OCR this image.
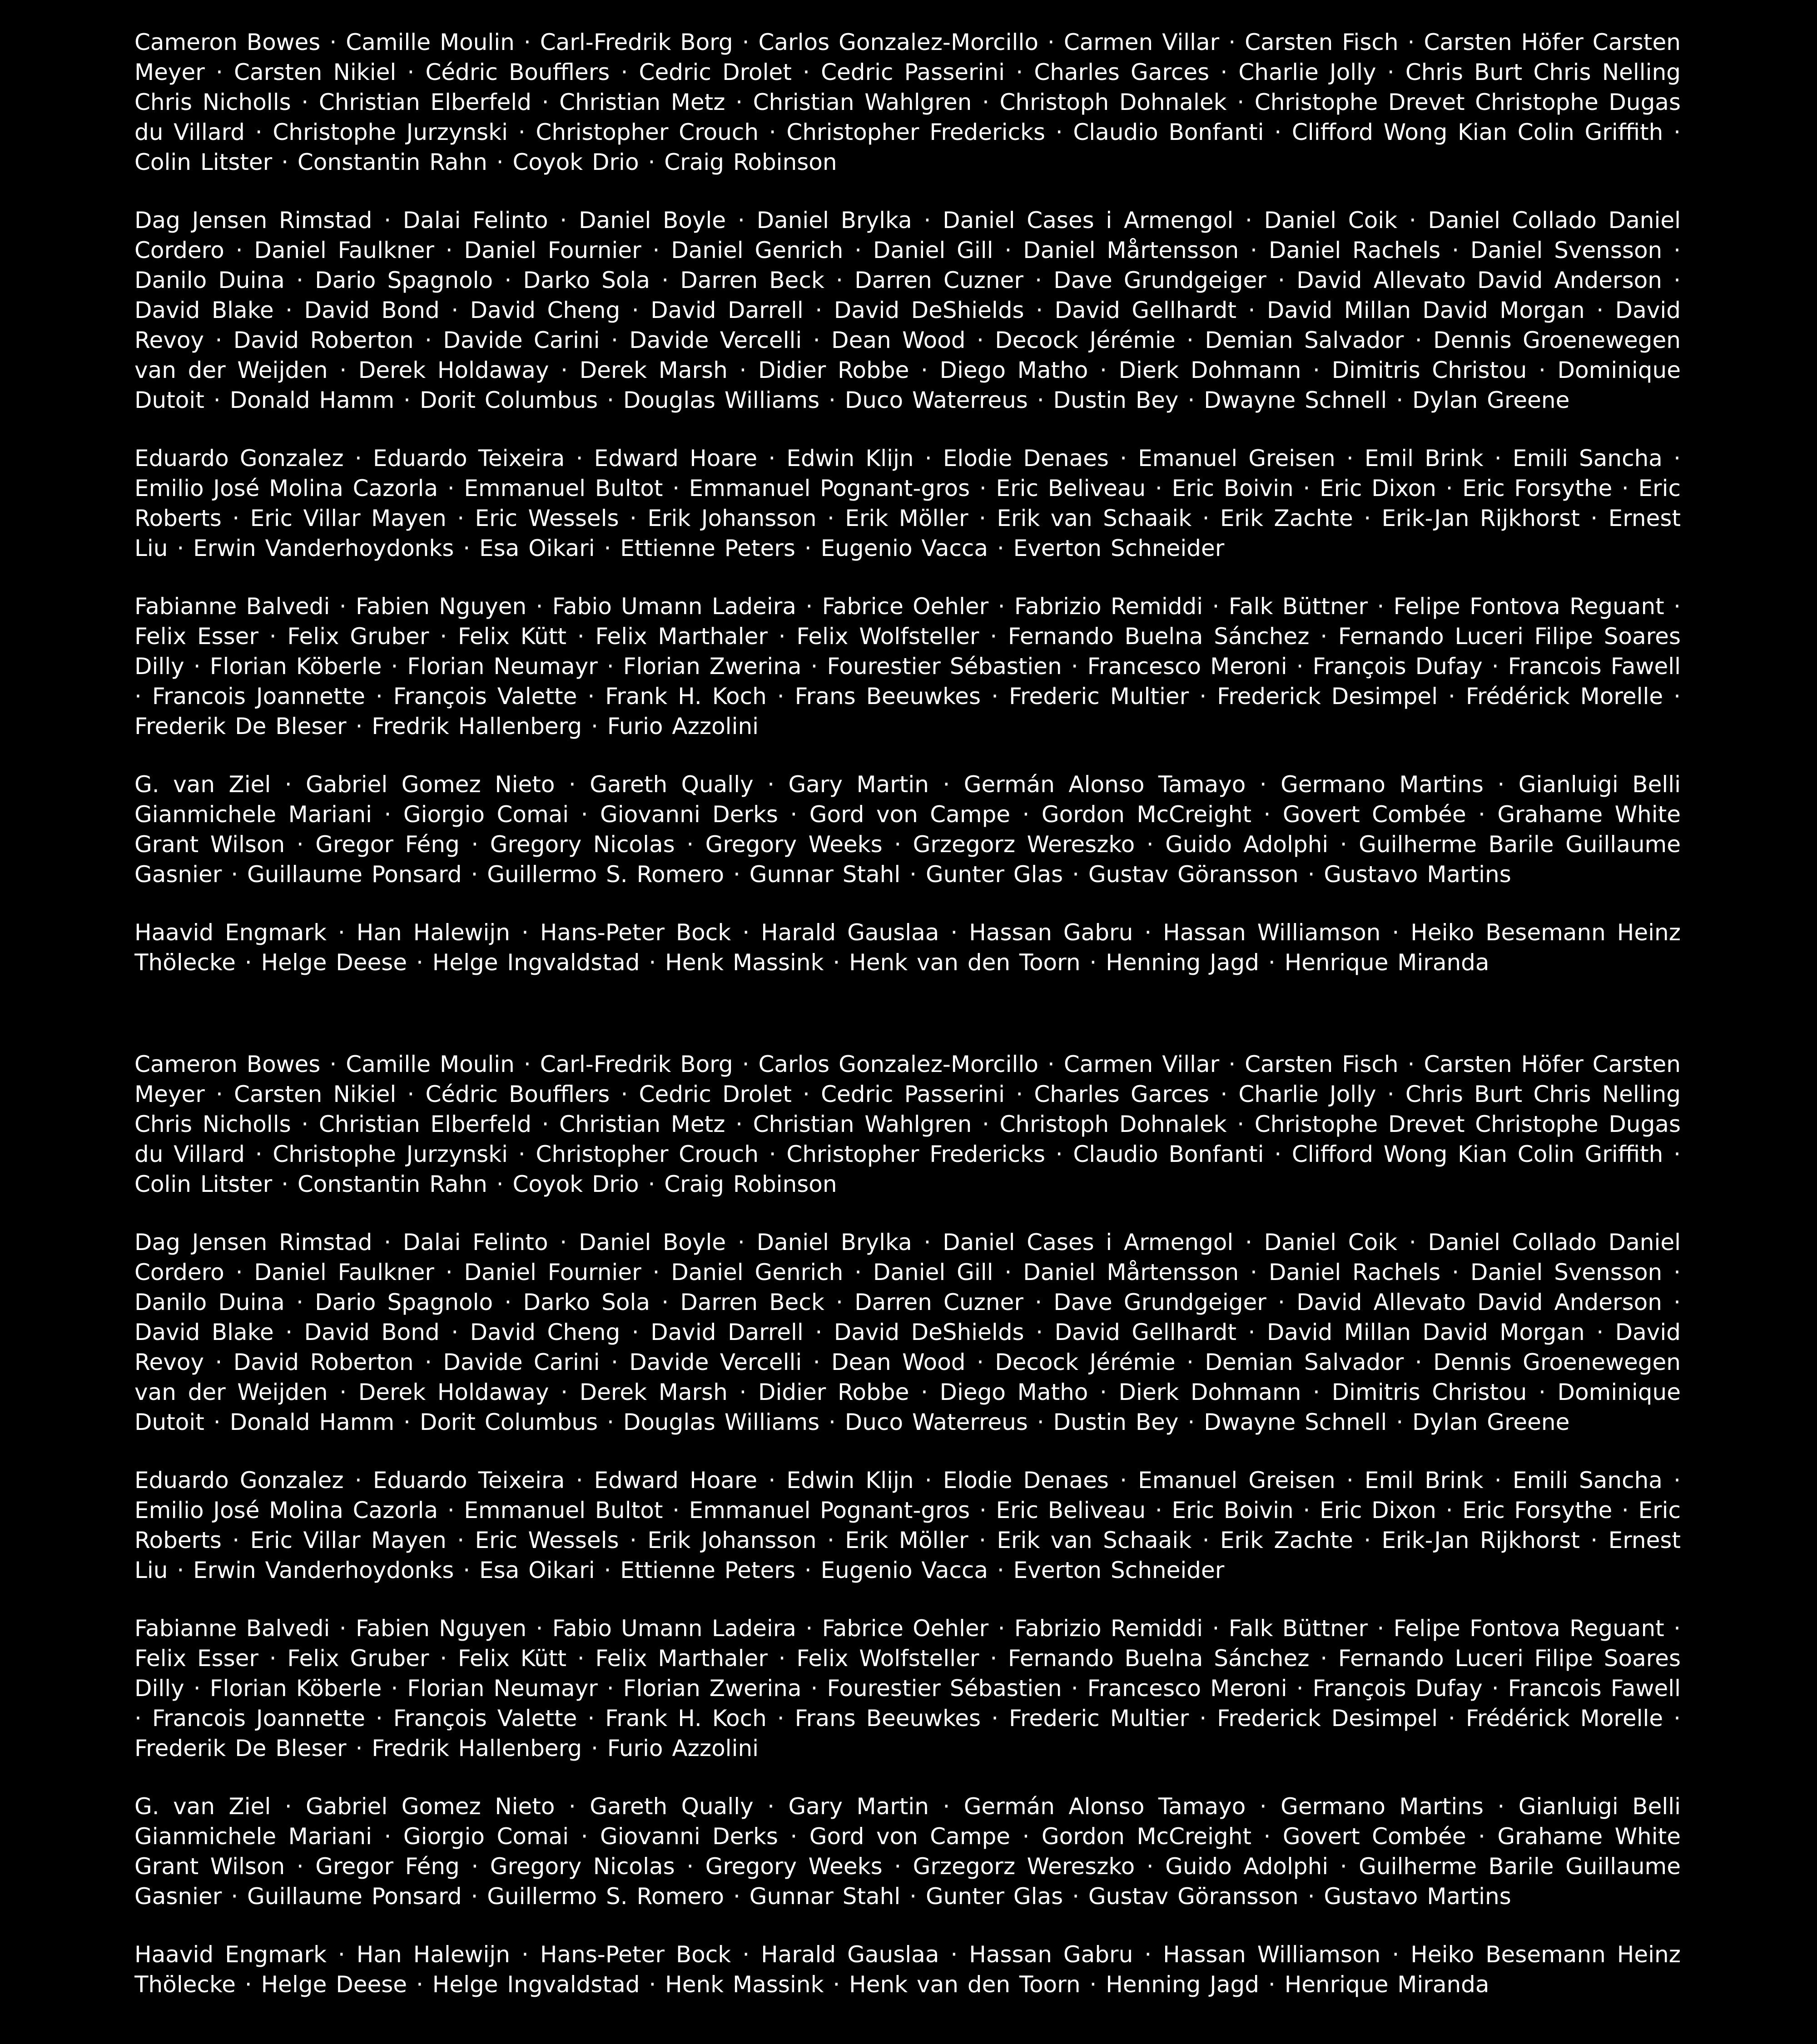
Cameron Bowes · Camille Moulin · Carl-Fredrik Borg · Carlos Gonzalez-Morcillo · Carmen Villar · Carsten Fisch · Carsten Höfer Carsten Meyer · Carsten Nikiel · Cédric Boufflers · Cedric Drolet · Cedric Passerini · Charles Garces · Charlie Jolly · Chris Burt Chris Nelling Chris Nicholls · Christian Elberfeld · Christian Metz · Christian Wahlgren · Christoph Dohnalek · Christophe Drevet Christophe Dugas du Villard · Christophe Jurzynski · Christopher Crouch · Christopher Fredericks · Claudio Bonfanti · Clifford Wong Kian Colin Griffith · Colin Litster · Constantin Rahn · Coyok Drio · Craig Robinson

Dag Jensen Rimstad · Dalai Felinto · Daniel Boyle · Daniel Brylka · Daniel Cases i Armengol · Daniel Coik · Daniel Collado Daniel Cordero · Daniel Faulkner · Daniel Fournier · Daniel Genrich · Daniel Gill · Daniel Mårtensson · Daniel Rachels · Daniel Svensson · Danilo Duina · Dario Spagnolo · Darko Sola · Darren Beck · Darren Cuzner · Dave Grundgeiger · David Allevato David Anderson · David Blake · David Bond · David Cheng · David Darrell · David DeShields · David Gellhardt · David Millan David Morgan · David Revoy · David Roberton · Davide Carini · Davide Vercelli · Dean Wood · Decock Jérémie · Demian Salvador · Dennis Groenewegen van der Weijden · Derek Holdaway · Derek Marsh · Didier Robbe · Diego Matho · Dierk Dohmann · Dimitris Christou · Dominique Dutoit · Donald Hamm · Dorit Columbus · Douglas Williams · Duco Waterreus · Dustin Bey · Dwayne Schnell · Dylan Greene

Eduardo Gonzalez · Eduardo Teixeira · Edward Hoare · Edwin Klijn · Elodie Denaes · Emanuel Greisen · Emil Brink · Emili Sancha · Emilio José Molina Cazorla · Emmanuel Bultot · Emmanuel Pognant-gros · Eric Beliveau · Eric Boivin · Eric Dixon · Eric Forsythe · Eric Roberts · Eric Villar Mayen · Eric Wessels · Erik Johansson · Erik Möller · Erik van Schaaik · Erik Zachte · Erik-Jan Rijkhorst · Ernest Liu · Erwin Vanderhoydonks · Esa Oikari · Ettienne Peters · Eugenio Vacca · Everton Schneider

Fabianne Balvedi · Fabien Nguyen · Fabio Umann Ladeira · Fabrice Oehler · Fabrizio Remiddi · Falk Büttner · Felipe Fontova Reguant · Felix Esser · Felix Gruber · Felix Kütt · Felix Marthaler · Felix Wolfsteller · Fernando Buelna Sánchez · Fernando Luceri Filipe Soares Dilly · Florian Köberle · Florian Neumayr · Florian Zwerina · Fourestier Sébastien · Francesco Meroni · François Dufay · Francois Fawell · Francois Joannette · François Valette · Frank H. Koch · Frans Beeuwkes · Frederic Multier · Frederick Desimpel · Frédérick Morelle · Frederik De Bleser · Fredrik Hallenberg · Furio Azzolini

G. van Ziel · Gabriel Gomez Nieto · Gareth Qually · Gary Martin · Germán Alonso Tamayo · Germano Martins · Gianluigi Belli Gianmichele Mariani · Giorgio Comai · Giovanni Derks · Gord von Campe · Gordon McCreight · Govert Combée · Grahame White Grant Wilson · Gregor Féng · Gregory Nicolas · Gregory Weeks · Grzegorz Wereszko · Guido Adolphi · Guilherme Barile Guillaume Gasnier · Guillaume Ponsard · Guillermo S. Romero · Gunnar Stahl · Gunter Glas · Gustav Göransson · Gustavo Martins

Haavid Engmark · Han Halewijn · Hans-Peter Bock · Harald Gauslaa · Hassan Gabru · Hassan Williamson · Heiko Besemann Heinz Thölecke · Helge Deese · Helge Ingvaldstad · Henk Massink · Henk van den Toorn · Henning Jagd · Henrique Miranda

Cameron Bowes · Camille Moulin · Carl-Fredrik Borg · Carlos Gonzalez-Morcillo · Carmen Villar · Carsten Fisch · Carsten Höfer Carsten Meyer · Carsten Nikiel · Cédric Boufflers · Cedric Drolet · Cedric Passerini · Charles Garces · Charlie Jolly · Chris Burt Chris Nelling Chris Nicholls · Christian Elberfeld · Christian Metz · Christian Wahlgren · Christoph Dohnalek · Christophe Drevet Christophe Dugas du Villard · Christophe Jurzynski · Christopher Crouch · Christopher Fredericks · Claudio Bonfanti · Clifford Wong Kian Colin Griffith · Colin Litster · Constantin Rahn · Coyok Drio · Craig Robinson

Dag Jensen Rimstad · Dalai Felinto · Daniel Boyle · Daniel Brylka · Daniel Cases i Armengol · Daniel Coik · Daniel Collado Daniel Cordero · Daniel Faulkner · Daniel Fournier · Daniel Genrich · Daniel Gill · Daniel Mårtensson · Daniel Rachels · Daniel Svensson · Danilo Duina · Dario Spagnolo · Darko Sola · Darren Beck · Darren Cuzner · Dave Grundgeiger · David Allevato David Anderson · David Blake · David Bond · David Cheng · David Darrell · David DeShields · David Gellhardt · David Millan David Morgan · David Revoy · David Roberton · Davide Carini · Davide Vercelli · Dean Wood · Decock Jérémie · Demian Salvador · Dennis Groenewegen van der Weijden · Derek Holdaway · Derek Marsh · Didier Robbe · Diego Matho · Dierk Dohmann · Dimitris Christou · Dominique Dutoit · Donald Hamm · Dorit Columbus · Douglas Williams · Duco Waterreus · Dustin Bey · Dwayne Schnell · Dylan Greene

Eduardo Gonzalez · Eduardo Teixeira · Edward Hoare · Edwin Klijn · Elodie Denaes · Emanuel Greisen · Emil Brink · Emili Sancha · Emilio José Molina Cazorla · Emmanuel Bultot · Emmanuel Pognant-gros · Eric Beliveau · Eric Boivin · Eric Dixon · Eric Forsythe · Eric Roberts · Eric Villar Mayen · Eric Wessels · Erik Johansson · Erik Möller · Erik van Schaaik · Erik Zachte · Erik-Jan Rijkhorst · Ernest Liu · Erwin Vanderhoydonks · Esa Oikari · Ettienne Peters · Eugenio Vacca · Everton Schneider

Fabianne Balvedi · Fabien Nguyen · Fabio Umann Ladeira · Fabrice Oehler · Fabrizio Remiddi · Falk Büttner · Felipe Fontova Reguant · Felix Esser · Felix Gruber · Felix Kütt · Felix Marthaler · Felix Wolfsteller · Fernando Buelna Sánchez · Fernando Luceri Filipe Soares Dilly · Florian Köberle · Florian Neumayr · Florian Zwerina · Fourestier Sébastien · Francesco Meroni · François Dufay · Francois Fawell · Francois Joannette · François Valette · Frank H. Koch · Frans Beeuwkes · Frederic Multier · Frederick Desimpel · Frédérick Morelle · Frederik De Bleser · Fredrik Hallenberg · Furio Azzolini

G. van Ziel · Gabriel Gomez Nieto · Gareth Qually · Gary Martin · Germán Alonso Tamayo · Germano Martins · Gianluigi Belli Gianmichele Mariani · Giorgio Comai · Giovanni Derks · Gord von Campe · Gordon McCreight · Govert Combée · Grahame White Grant Wilson · Gregor Féng · Gregory Nicolas · Gregory Weeks · Grzegorz Wereszko · Guido Adolphi · Guilherme Barile Guillaume Gasnier · Guillaume Ponsard · Guillermo S. Romero · Gunnar Stahl · Gunter Glas · Gustav Göransson · Gustavo Martins

Haavid Engmark · Han Halewijn · Hans-Peter Bock · Harald Gauslaa · Hassan Gabru · Hassan Williamson · Heiko Besemann Heinz Thölecke · Helge Deese · Helge Ingvaldstad · Henk Massink · Henk van den Toorn · Henning Jagd · Henrique Miranda
